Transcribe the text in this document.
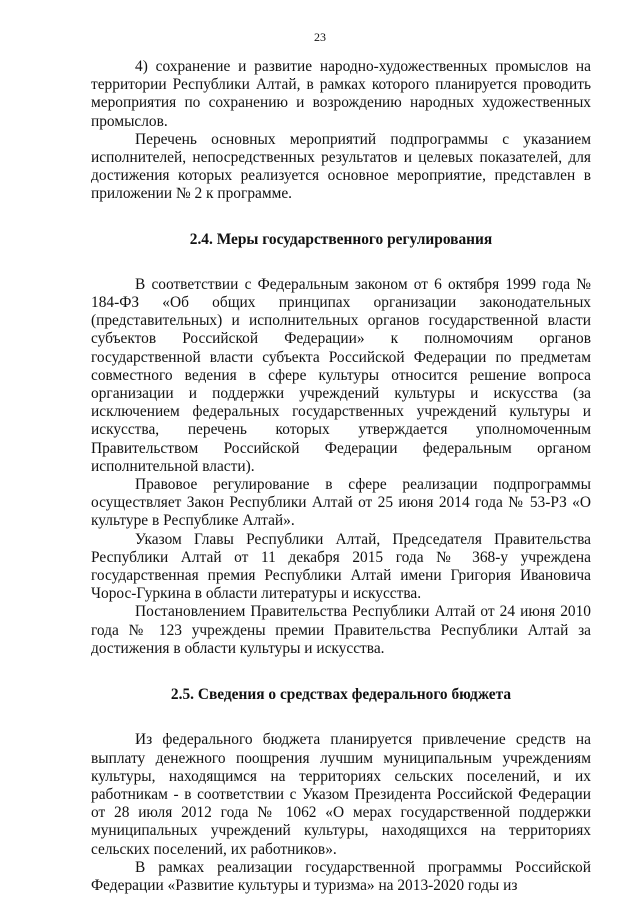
23

4) сохранение и развитие народно-художественных промыслов на территории Республики Алтай, в рамках которого планируется проводить мероприятия по сохранению и возрождению народных художественных промыслов.

Перечень основных мероприятий подпрограммы с указанием исполнителей, непосредственных результатов и целевых показателей, для достижения которых реализуется основное мероприятие, представлен в приложении № 2 к программе.

2.4. Меры государственного регулирования

В соответствии с Федеральным законом от 6 октября 1999 года № 184-ФЗ «Об общих принципах организации законодательных (представительных) и исполнительных органов государственной власти субъектов Российской Федерации» к полномочиям органов государственной власти субъекта Российской Федерации по предметам совместного ведения в сфере культуры относится решение вопроса организации и поддержки учреждений культуры и искусства (за исключением федеральных государственных учреждений культуры и искусства, перечень которых утверждается уполномоченным Правительством Российской Федерации федеральным органом исполнительной власти).

Правовое регулирование в сфере реализации подпрограммы осуществляет Закон Республики Алтай от 25 июня 2014 года № 53-РЗ «О культуре в Республике Алтай».

Указом Главы Республики Алтай, Председателя Правительства Республики Алтай от 11 декабря 2015 года № 368-у учреждена государственная премия Республики Алтай имени Григория Ивановича Чорос-Гуркина в области литературы и искусства.

Постановлением Правительства Республики Алтай от 24 июня 2010 года № 123 учреждены премии Правительства Республики Алтай за достижения в области культуры и искусства.

2.5. Сведения о средствах федерального бюджета

Из федерального бюджета планируется привлечение средств на выплату денежного поощрения лучшим муниципальным учреждениям культуры, находящимся на территориях сельских поселений, и их работникам - в соответствии с Указом Президента Российской Федерации от 28 июля 2012 года № 1062 «О мерах государственной поддержки муниципальных учреждений культуры, находящихся на территориях сельских поселений, их работников».

В рамках реализации государственной программы Российской Федерации «Развитие культуры и туризма» на 2013-2020 годы из
